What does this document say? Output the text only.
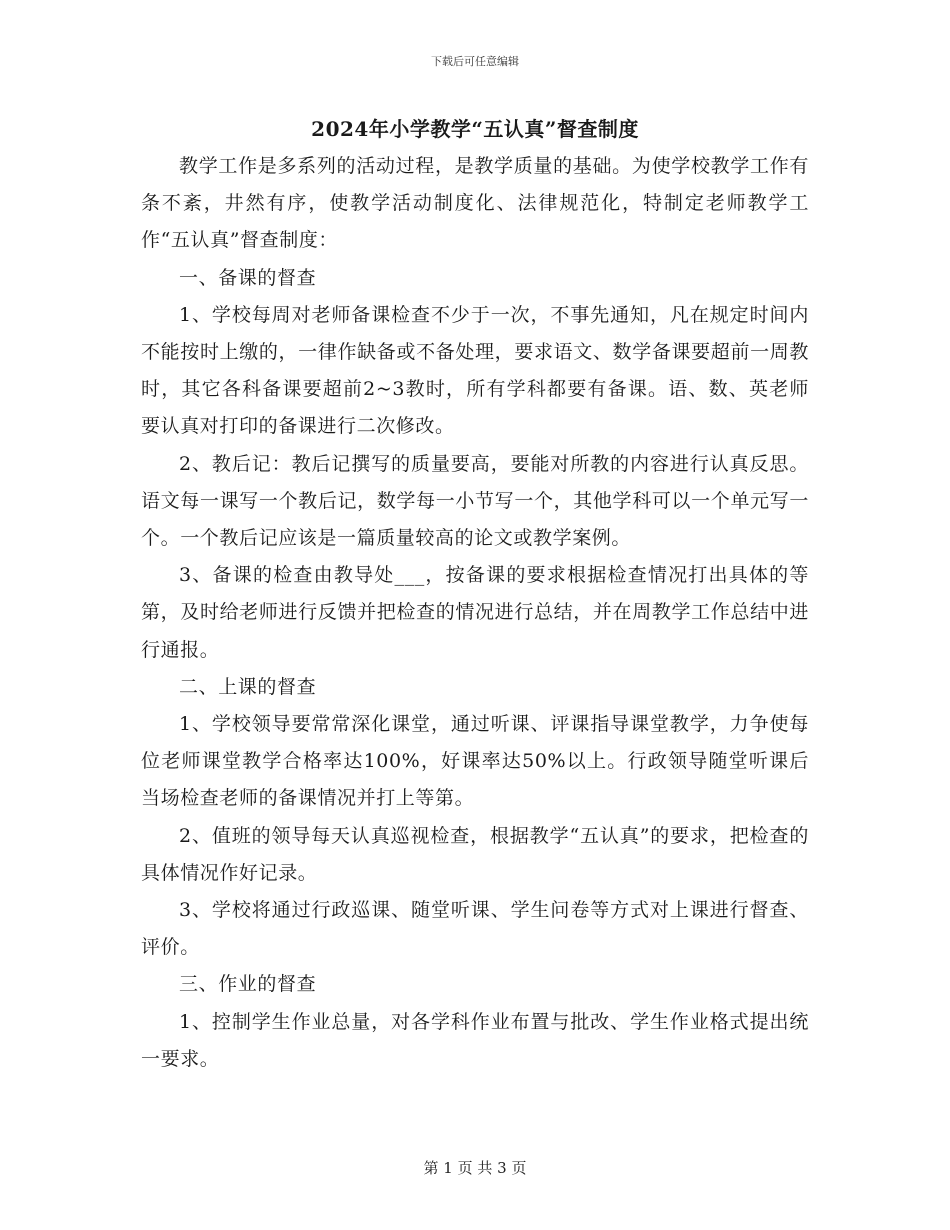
下载后可任意编辑
2024年小学教学“五认真”督查制度

教学工作是多系列的活动过程，是教学质量的基础。为使学校教学工作有条不紊，井然有序，使教学活动制度化、法律规范化，特制定老师教学工作“五认真”督查制度：

一、备课的督查

1、学校每周对老师备课检查不少于一次，不事先通知，凡在规定时间内不能按时上缴的，一律作缺备或不备处理，要求语文、数学备课要超前一周教时，其它各科备课要超前2~3教时，所有学科都要有备课。语、数、英老师要认真对打印的备课进行二次修改。

2、教后记：教后记撰写的质量要高，要能对所教的内容进行认真反思。语文每一课写一个教后记，数学每一小节写一个，其他学科可以一个单元写一个。一个教后记应该是一篇质量较高的论文或教学案例。

3、备课的检查由教导处___，按备课的要求根据检查情况打出具体的等第，及时给老师进行反馈并把检查的情况进行总结，并在周教学工作总结中进行通报。

二、上课的督查

1、学校领导要常常深化课堂，通过听课、评课指导课堂教学，力争使每位老师课堂教学合格率达100%，好课率达50%以上。行政领导随堂听课后当场检查老师的备课情况并打上等第。

2、值班的领导每天认真巡视检查，根据教学“五认真”的要求，把检查的具体情况作好记录。

3、学校将通过行政巡课、随堂听课、学生问卷等方式对上课进行督查、评价。

三、作业的督查

1、控制学生作业总量，对各学科作业布置与批改、学生作业格式提出统一要求。

第 1 页 共 3 页
